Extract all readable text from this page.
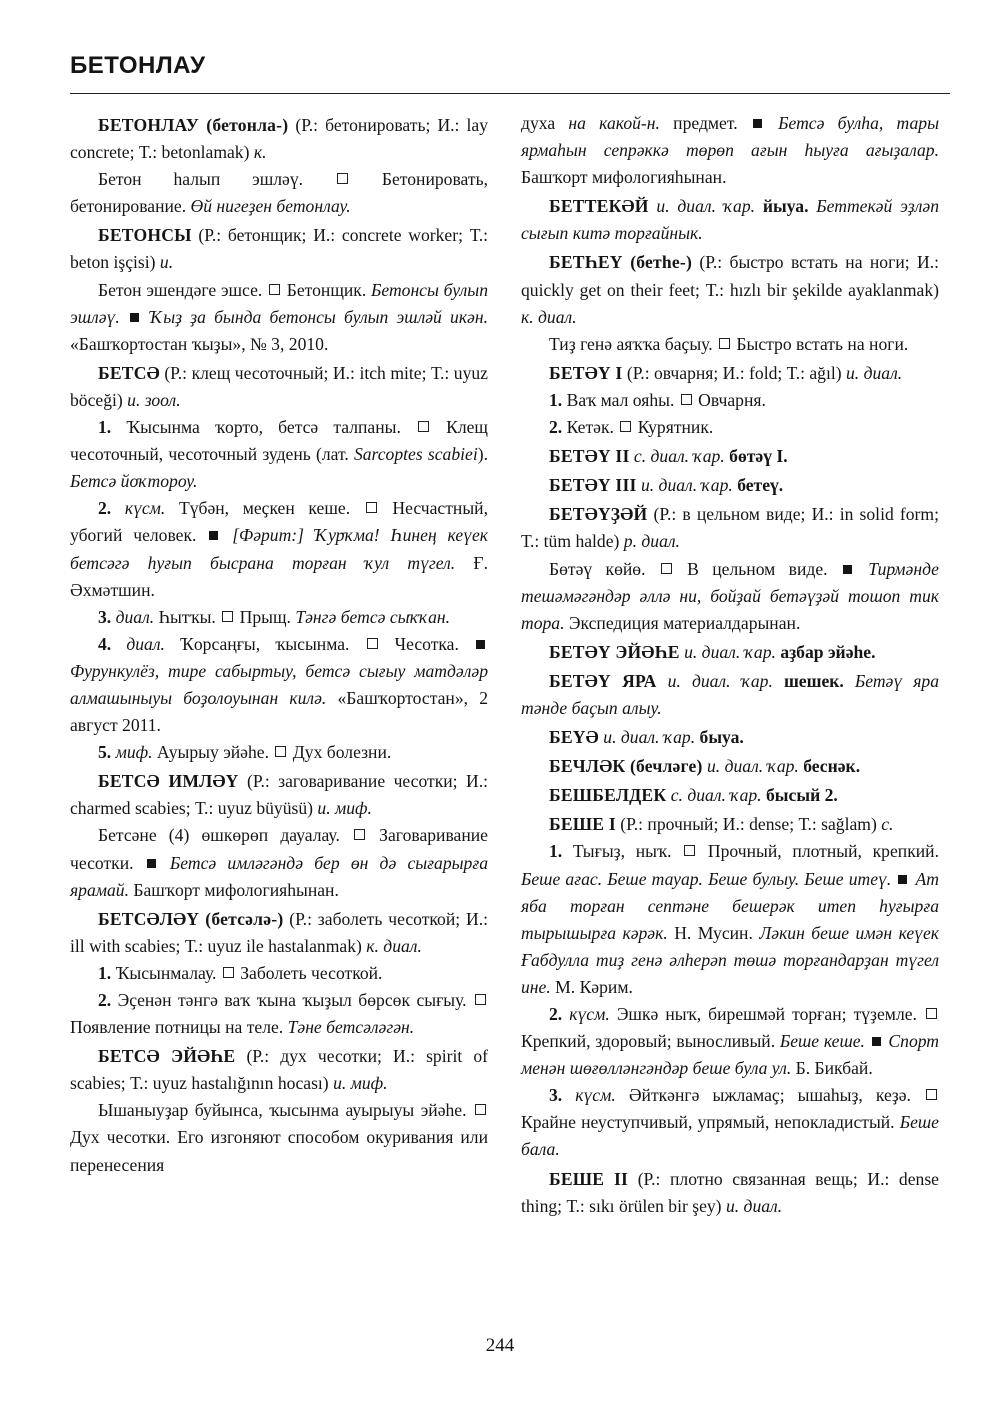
БЕТОНЛАУ

БЕТОНЛАУ (бетонла-) (Р.: бетонировать; И.: lay concrete; Т.: betonlamak) к.

Бетон һалып эшләү.  Бетонировать, бетонирование. Өй нигеҙен бетонлау.

БЕТОНСЫ (Р.: бетонщик; И.: concrete worker; Т.: beton işçisi) и.

Бетон эшендәге эшсе.  Бетонщик. Бетонсы булып эшләү. Ҡыҙ ҙа бында бетонсы булып эшләй икән. «Башҡортостан ҡыҙы», № 3, 2010.

БЕТСӘ (Р.: клещ чесоточный; И.: itch mite; Т.: uyuz böceği) и. зоол.

1. Ҡысынма ҡорто, бетсә талпаны.  Клещ чесоточный, чесоточный зудень (лат. Sarcoptes scabiei). Бетсә йоҡтороу.

2. күсм. Түбән, меҫкен кеше.  Несчастный, убогий человек.  [Фәрит:] Ҡурҡма! Һинең кеүек бетсәгә һуғып бысрана торған ҡул түгел. Ғ. Әхмәтшин.

3. диал. Һытҡы.  Прыщ. Тәнгә бетсә сыҡҡан.

4. диал. Ҡорсаңғы, ҡысынма.  Чесотка.  Фурункулёз, тире сабыртыу, бетсә сығыу матдәләр алмашыныуы боҙолоуынан килә. «Башҡортостан», 2 август 2011.

5. миф. Ауырыу эйәһе.  Дух болезни.

БЕТСӘ ИМЛӘҮ (Р.: заговаривание чесотки; И.: charmed scabies; Т.: uyuz büyüsü) и. миф.

Бетсәне (4) өшкөрөп дауалау.  Заговаривание чесотки.  Бетсә имләгәндә бер өн дә сығарырға ярамай. Башҡорт мифологияһынан.

БЕТСӘЛӘҮ (бетсәлә-) (Р.: заболеть чесоткой; И.: ill with scabies; Т.: uyuz ile hastalanmak) к. диал.

1. Ҡысынмалау.  Заболеть чесоткой.

2. Эҫенән тәнгә ваҡ ҡына ҡыҙыл бөрсөк сығыу.  Появление потницы на теле. Тәне бетсәләгән.

БЕТСӘ ЭЙӘҺЕ (Р.: дух чесотки; И.: spirit of scabies; Т.: uyuz hastalığının hocası) и. миф.

Ышаныуҙар буйынса, ҡысынма ауырыуы эйәһе.  Дух чесотки. Его изгоняют способом окуривания или перенесения

духа на какой-н. предмет.  Бетсә булһа, тары ярмаһын сепрәккә төрөп ағын һыуға ағыҙалар. Башҡорт мифологияһынан.

БЕТТЕКӘЙ и. диал. ҡар. йыуа. Беттекәй эҙләп сығып китә торғайнык.

БЕТҺЕҮ (бетһе-) (Р.: быстро встать на ноги; И.: quickly get on their feet; Т.: hızlı bir şekilde ayaklanmak) к. диал.

Тиҙ генә аяҡҡа баҫыу.  Быстро встать на ноги.

БЕТӘҮ I (Р.: овчарня; И.: fold; Т.: ağıl) и. диал.

1. Ваҡ мал ояһы.  Овчарня.

2. Кетәк.  Курятник.

БЕТӘҮ II с. диал. ҡар. бөтәү I.

БЕТӘҮ III и. диал. ҡар. бетеү.

БЕТӘҮҘӘЙ (Р.: в цельном виде; И.: in solid form; Т.: tüm halde) р. диал.

Бөтәү көйө.  В цельном виде.  Тирмәнде тешәмәгәндәр әллә ни, бойҙай бетәүҙәй тошоп тик тора. Экспедиция материалдарынан.

БЕТӘҮ ЭЙӘҺЕ и. диал. ҡар. аҙбар эйәһе.

БЕТӘҮ ЯРА и. диал. ҡар. шешек. Бетәү яра тәнде баҫып алыу.

БЕҮӘ и. диал. ҡар. быуа.

БЕЧЛӘК (бечләге) и. диал. ҡар. беснәк.

БЕШБЕЛДЕК с. диал. ҡар. бысый 2.

БЕШЕ I (Р.: прочный; И.: dense; Т.: sağlam) с.

1. Тығыҙ, ныҡ.  Прочный, плотный, крепкий. Беше ағас. Беше тауар. Беше булыу. Беше итеү. Ат яба торған септәне бешерәк итеп һуғырға тырышырға кәрәк. Н. Мусин. Ләкин беше имән кеүек Ғабдулла тиҙ генә әлһерәп төшә торғандарҙан түгел ине. М. Кәрим.

2. күсм. Эшкә ныҡ, бирешмәй торған; түҙемле.  Крепкий, здоровый; выносливый. Беше кеше. Спорт менән шөғөлләнгәндәр беше була ул. Б. Бикбай.

3. күсм. Әйткәнгә ыжламаҫ; ышаһыҙ, кеҙә.  Крайне неуступчивый, упрямый, непокладистый. Беше бала.

БЕШЕ II (Р.: плотно связанная вещь; И.: dense thing; Т.: sıkı örülen bir şey) и. диал.

244
